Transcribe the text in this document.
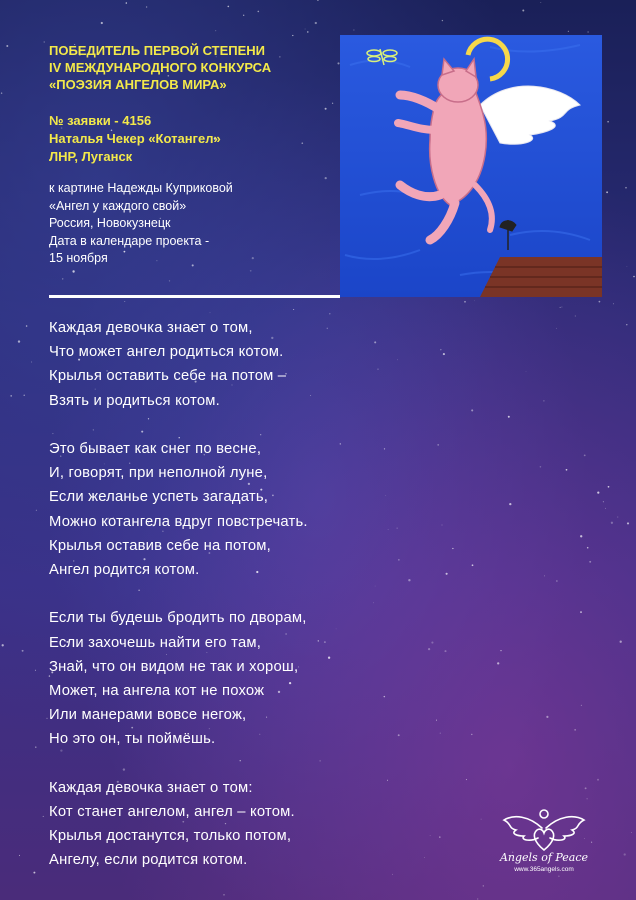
ПОБЕДИТЕЛЬ ПЕРВОЙ СТЕПЕНИ
IV МЕЖДУНАРОДНОГО КОНКУРСА
«ПОЭЗИЯ АНГЕЛОВ МИРА»
№ заявки - 4156
Наталья Чекер «Котангел»
ЛНР, Луганск
к картине Надежды Куприковой
«Ангел у каждого свой»
Россия, Новокузнецк
Дата в календаре проекта -
15 ноября
Каждая девочка знает о том,
Что может ангел родиться котом.
Крылья оставить себе на потом –
Взять и родиться котом.
Это бывает как снег по весне,
И, говорят, при неполной луне,
Если желанье успеть загадать,
Можно котангела вдруг повстречать.
Крылья оставив себе на потом,
Ангел родится котом.
Если ты будешь бродить по дворам,
Если захочешь найти его там,
Знай, что он видом не так и хорош,
Может, на ангела кот не похож
Или манерами вовсе негож,
Но это он, ты поймёшь.
Каждая девочка знает о том:
Кот станет ангелом, ангел – котом.
Крылья достанутся, только потом,
Ангелу, если родится котом.	Angels of Peace
www.365angels.com
